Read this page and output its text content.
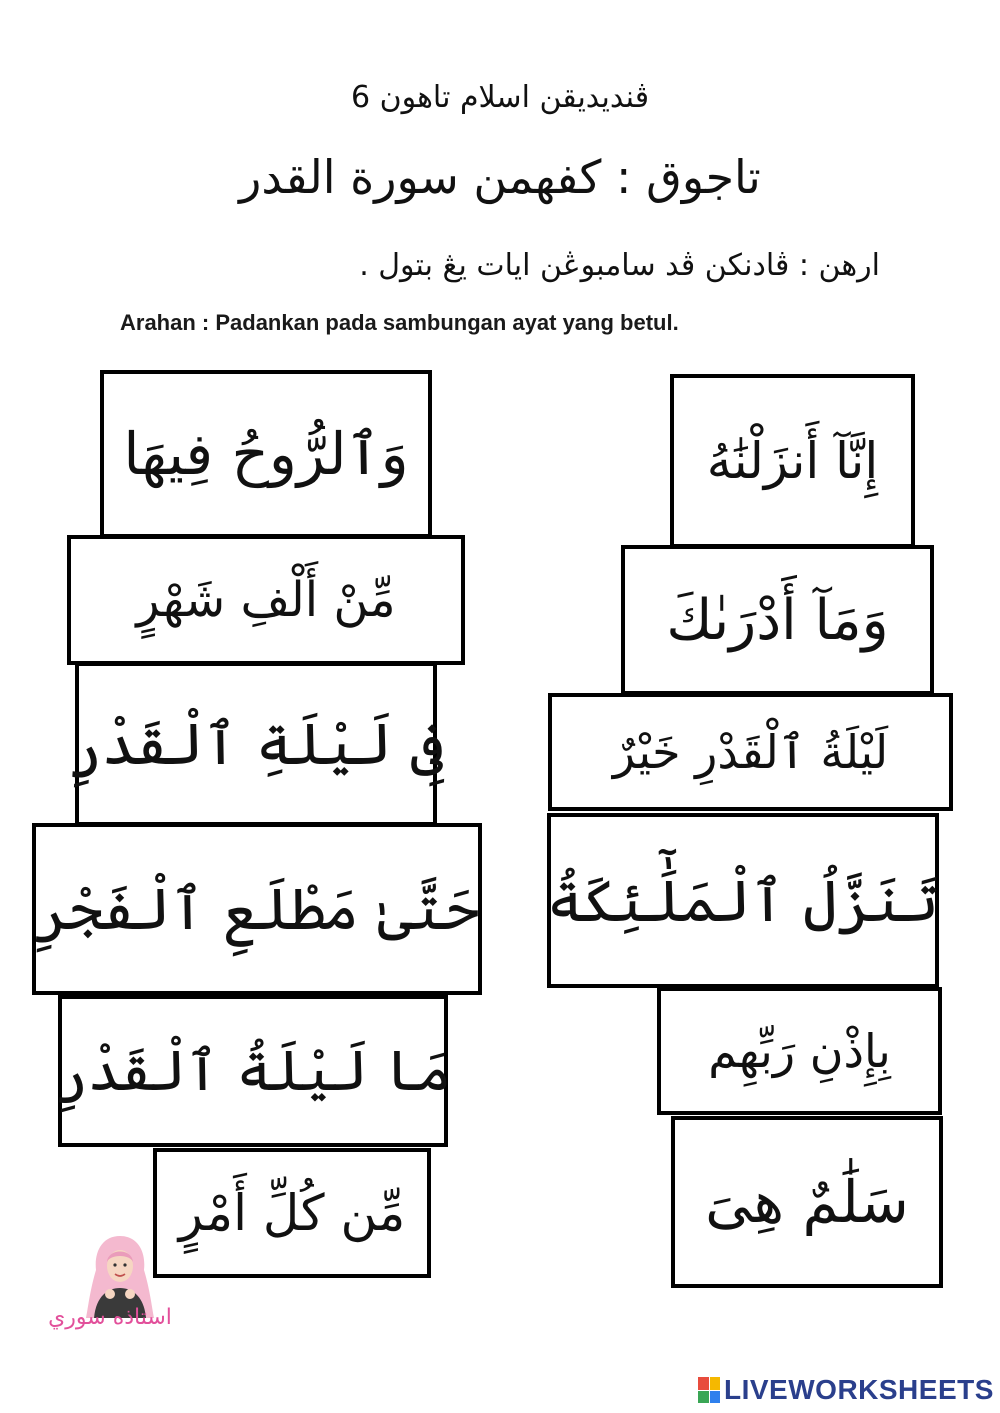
ڤنديديقن اسلام تاهون 6
تاجوق : كفهمن سورة القدر
ارهن : ڤادنكن ڤد سامبوڠن ايات يڠ بتول .
Arahan : Padankan pada sambungan ayat yang betul.
وَٱلرُّوحُ فِيهَا
مِّنْ أَلْفِ شَهْرٍ
فِى لَيْلَةِ ٱلْقَدْرِ
حَتَّىٰ مَطْلَعِ ٱلْفَجْرِ
مَا لَيْلَةُ ٱلْقَدْرِ
مِّن كُلِّ أَمْرٍ
إِنَّآ أَنزَلْنَٰهُ
وَمَآ أَدْرَىٰكَ
لَيْلَةُ ٱلْقَدْرِ خَيْرٌ
تَنَزَّلُ ٱلْمَلَٰٓئِكَةُ
بِإِذْنِ رَبِّهِم
سَلَٰمٌ هِىَ
استاذه سوري
LIVEWORKSHEETS
